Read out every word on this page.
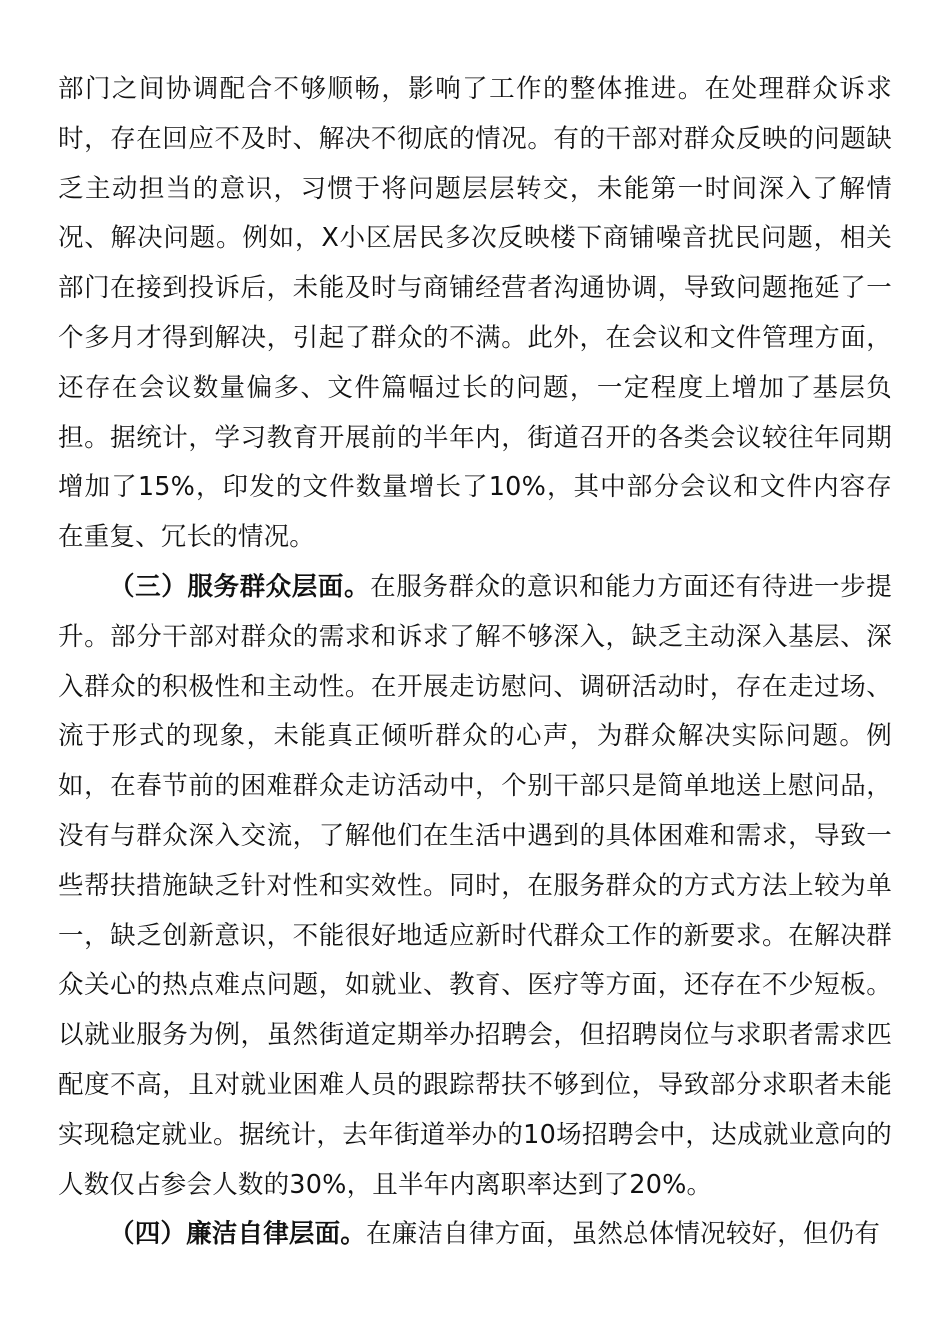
部门之间协调配合不够顺畅，影响了工作的整体推进。在处理群众诉求时，存在回应不及时、解决不彻底的情况。有的干部对群众反映的问题缺乏主动担当的意识，习惯于将问题层层转交，未能第一时间深入了解情况、解决问题。例如，X小区居民多次反映楼下商铺噪音扰民问题，相关部门在接到投诉后，未能及时与商铺经营者沟通协调，导致问题拖延了一个多月才得到解决，引起了群众的不满。此外，在会议和文件管理方面，还存在会议数量偏多、文件篇幅过长的问题，一定程度上增加了基层负担。据统计，学习教育开展前的半年内，街道召开的各类会议较往年同期增加了15%，印发的文件数量增长了10%，其中部分会议和文件内容存在重复、冗长的情况。

（三）服务群众层面。在服务群众的意识和能力方面还有待进一步提升。部分干部对群众的需求和诉求了解不够深入，缺乏主动深入基层、深入群众的积极性和主动性。在开展走访慰问、调研活动时，存在走过场、流于形式的现象，未能真正倾听群众的心声，为群众解决实际问题。例如，在春节前的困难群众走访活动中，个别干部只是简单地送上慰问品，没有与群众深入交流，了解他们在生活中遇到的具体困难和需求，导致一些帮扶措施缺乏针对性和实效性。同时，在服务群众的方式方法上较为单一，缺乏创新意识，不能很好地适应新时代群众工作的新要求。在解决群众关心的热点难点问题，如就业、教育、医疗等方面，还存在不少短板。以就业服务为例，虽然街道定期举办招聘会，但招聘岗位与求职者需求匹配度不高，且对就业困难人员的跟踪帮扶不够到位，导致部分求职者未能实现稳定就业。据统计，去年街道举办的10场招聘会中，达成就业意向的人数仅占参会人数的30%，且半年内离职率达到了20%。

（四）廉洁自律层面。在廉洁自律方面，虽然总体情况较好，但仍有
